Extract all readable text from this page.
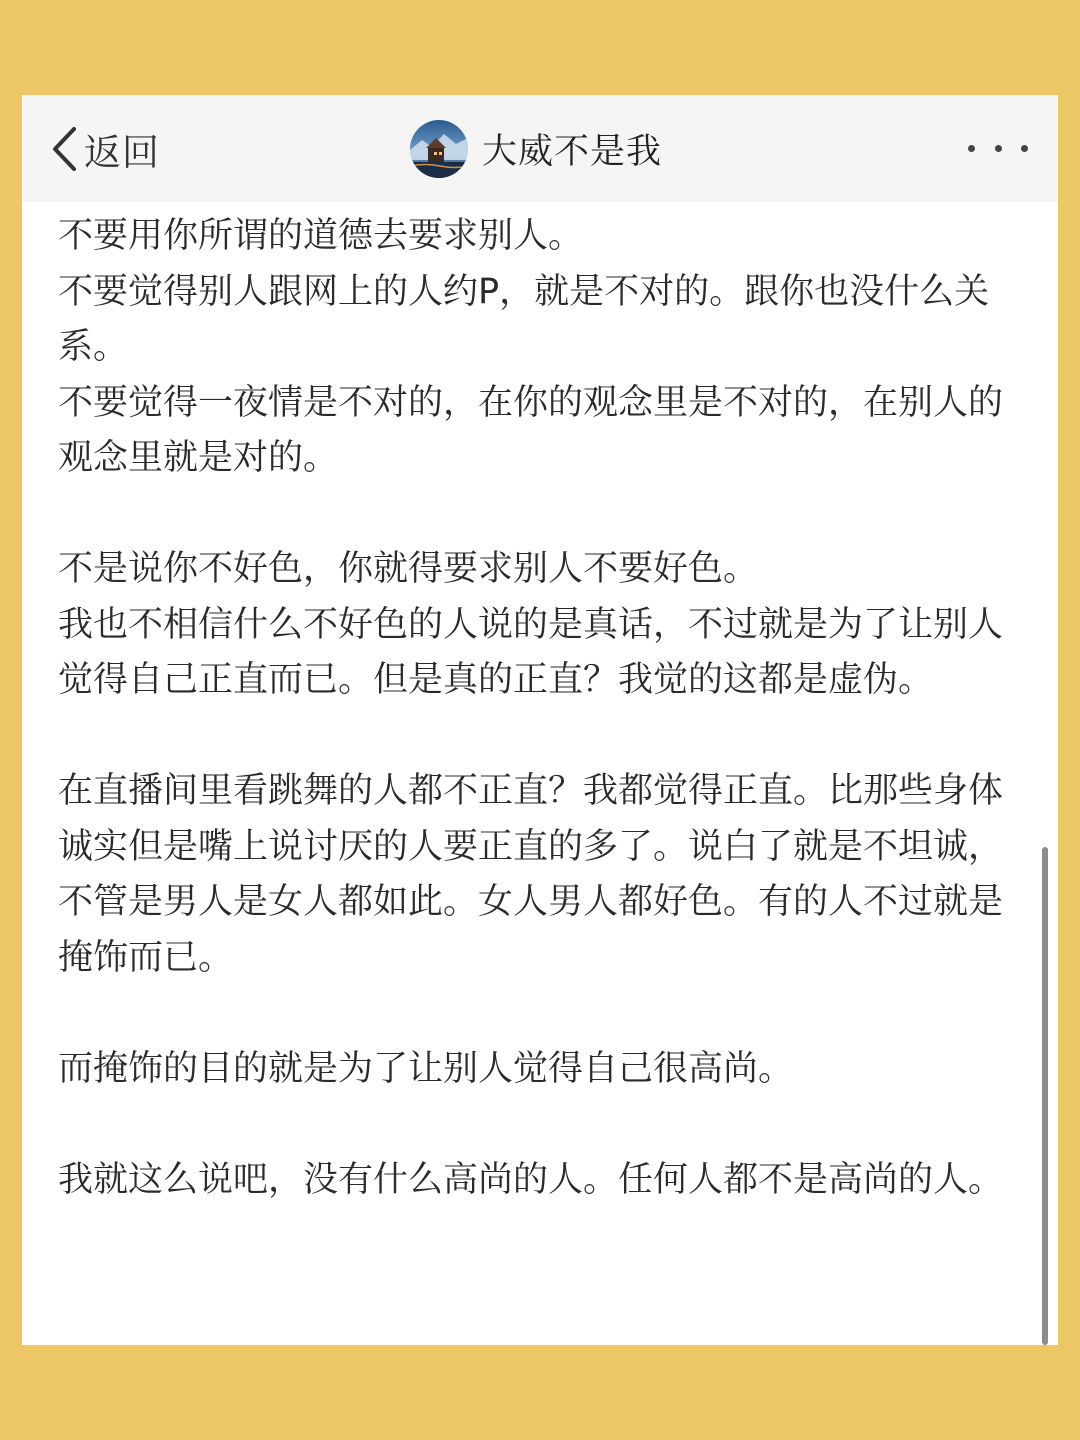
返回	大威不是我

不要用你所谓的道德去要求别人。

不要觉得别人跟网上的人约P，就是不对的。跟你也没什么关系。

不要觉得一夜情是不对的，在你的观念里是不对的，在别人的观念里就是对的。

不是说你不好色，你就得要求别人不要好色。

我也不相信什么不好色的人说的是真话，不过就是为了让别人觉得自己正直而已。但是真的正直？我觉的这都是虚伪。

在直播间里看跳舞的人都不正直？我都觉得正直。比那些身体诚实但是嘴上说讨厌的人要正直的多了。说白了就是不坦诚，不管是男人是女人都如此。女人男人都好色。有的人不过就是掩饰而已。

而掩饰的目的就是为了让别人觉得自己很高尚。

我就这么说吧，没有什么高尚的人。任何人都不是高尚的人。
